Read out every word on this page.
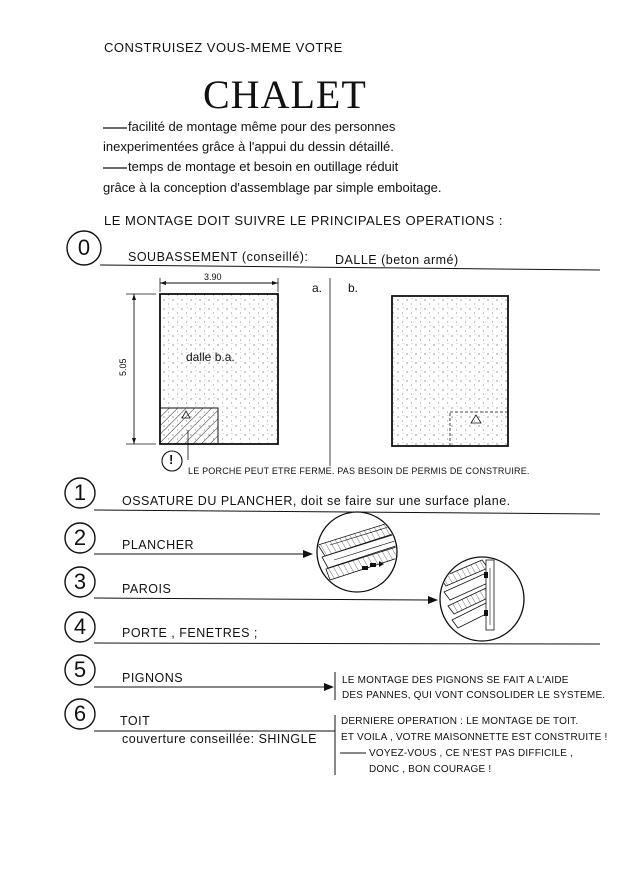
CONSTRUISEZ VOUS-MEME VOTRE
CHALET
facilité de montage même pour des personnes
inexperimentées grâce à l'appui du dessin détaillé.
temps de montage et besoin en outillage réduit
grâce à la conception d'assemblage par simple emboitage.
LE MONTAGE DOIT SUIVRE LE PRINCIPALES OPERATIONS :
0	SOUBASSEMENT (conseillé): DALLE (beton armé)
3.90
5.05
a. b.
dalle b.a.
!
LE PORCHE PEUT ETRE FERME. PAS BESOIN DE PERMIS DE CONSTRUIRE.
1	OSSATURE DU PLANCHER, doit se faire sur une surface plane.
2	PLANCHER
3	PAROIS
4	PORTE , FENETRES ;
5	PIGNONS
6	TOIT
couverture conseillée: SHINGLE
LE MONTAGE DES PIGNONS SE FAIT A L'AIDE
DES PANNES, QUI VONT CONSOLIDER LE SYSTEME.
DERNIERE OPERATION : LE MONTAGE DE TOIT.
ET VOILA , VOTRE MAISONNETTE EST CONSTRUITE !
VOYEZ-VOUS , CE N'EST PAS DIFFICILE ,
DONC , BON COURAGE !
